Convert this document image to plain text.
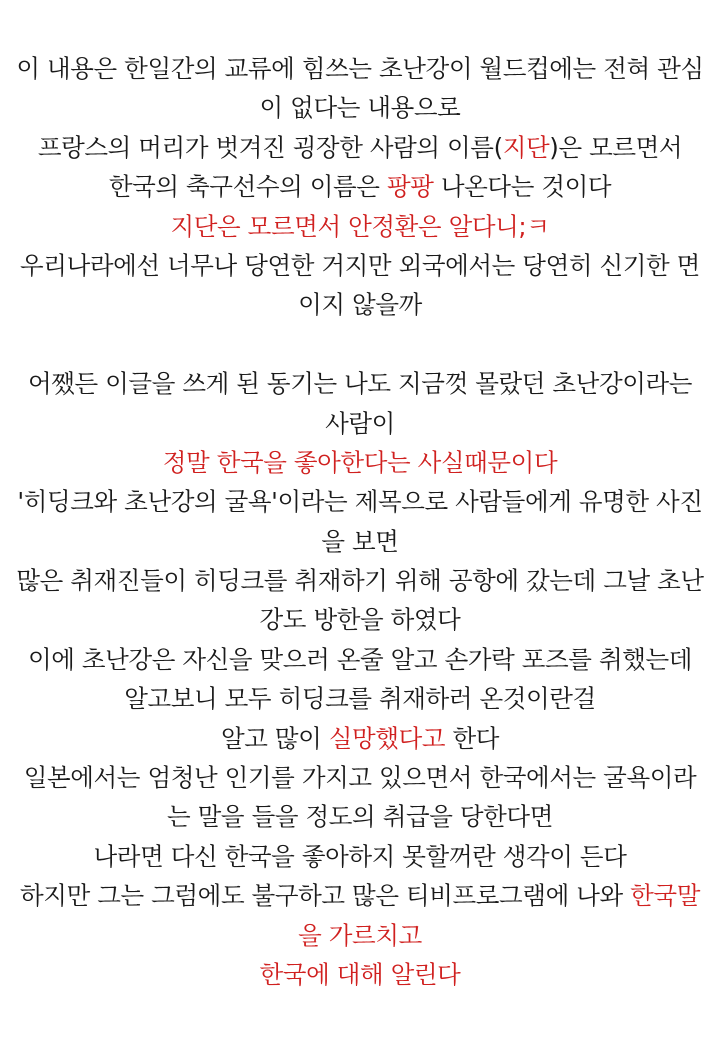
이 내용은 한일간의 교류에 힘쓰는 초난강이 월드컵에는 전혀 관심
이 없다는 내용으로
프랑스의 머리가 벗겨진 굉장한 사람의 이름(지단)은 모르면서
한국의 축구선수의 이름은 팡팡 나온다는 것이다
지단은 모르면서 안정환은 알다니;ㅋ
우리나라에선 너무나 당연한 거지만 외국에서는 당연히 신기한 면
이지 않을까
어쨌든 이글을 쓰게 된 동기는 나도 지금껏 몰랐던 초난강이라는
사람이
정말 한국을 좋아한다는 사실때문이다
'히딩크와 초난강의 굴욕'이라는 제목으로 사람들에게 유명한 사진
을 보면
많은 취재진들이 히딩크를 취재하기 위해 공항에 갔는데 그날 초난
강도 방한을 하였다
이에 초난강은 자신을 맞으러 온줄 알고 손가락 포즈를 취했는데
알고보니 모두 히딩크를 취재하러 온것이란걸
알고 많이 실망했다고 한다
일본에서는 엄청난 인기를 가지고 있으면서 한국에서는 굴욕이라
는 말을 들을 정도의 취급을 당한다면
나라면 다신 한국을 좋아하지 못할꺼란 생각이 든다
하지만 그는 그럼에도 불구하고 많은 티비프로그램에 나와 한국말
을 가르치고
한국에 대해 알린다
